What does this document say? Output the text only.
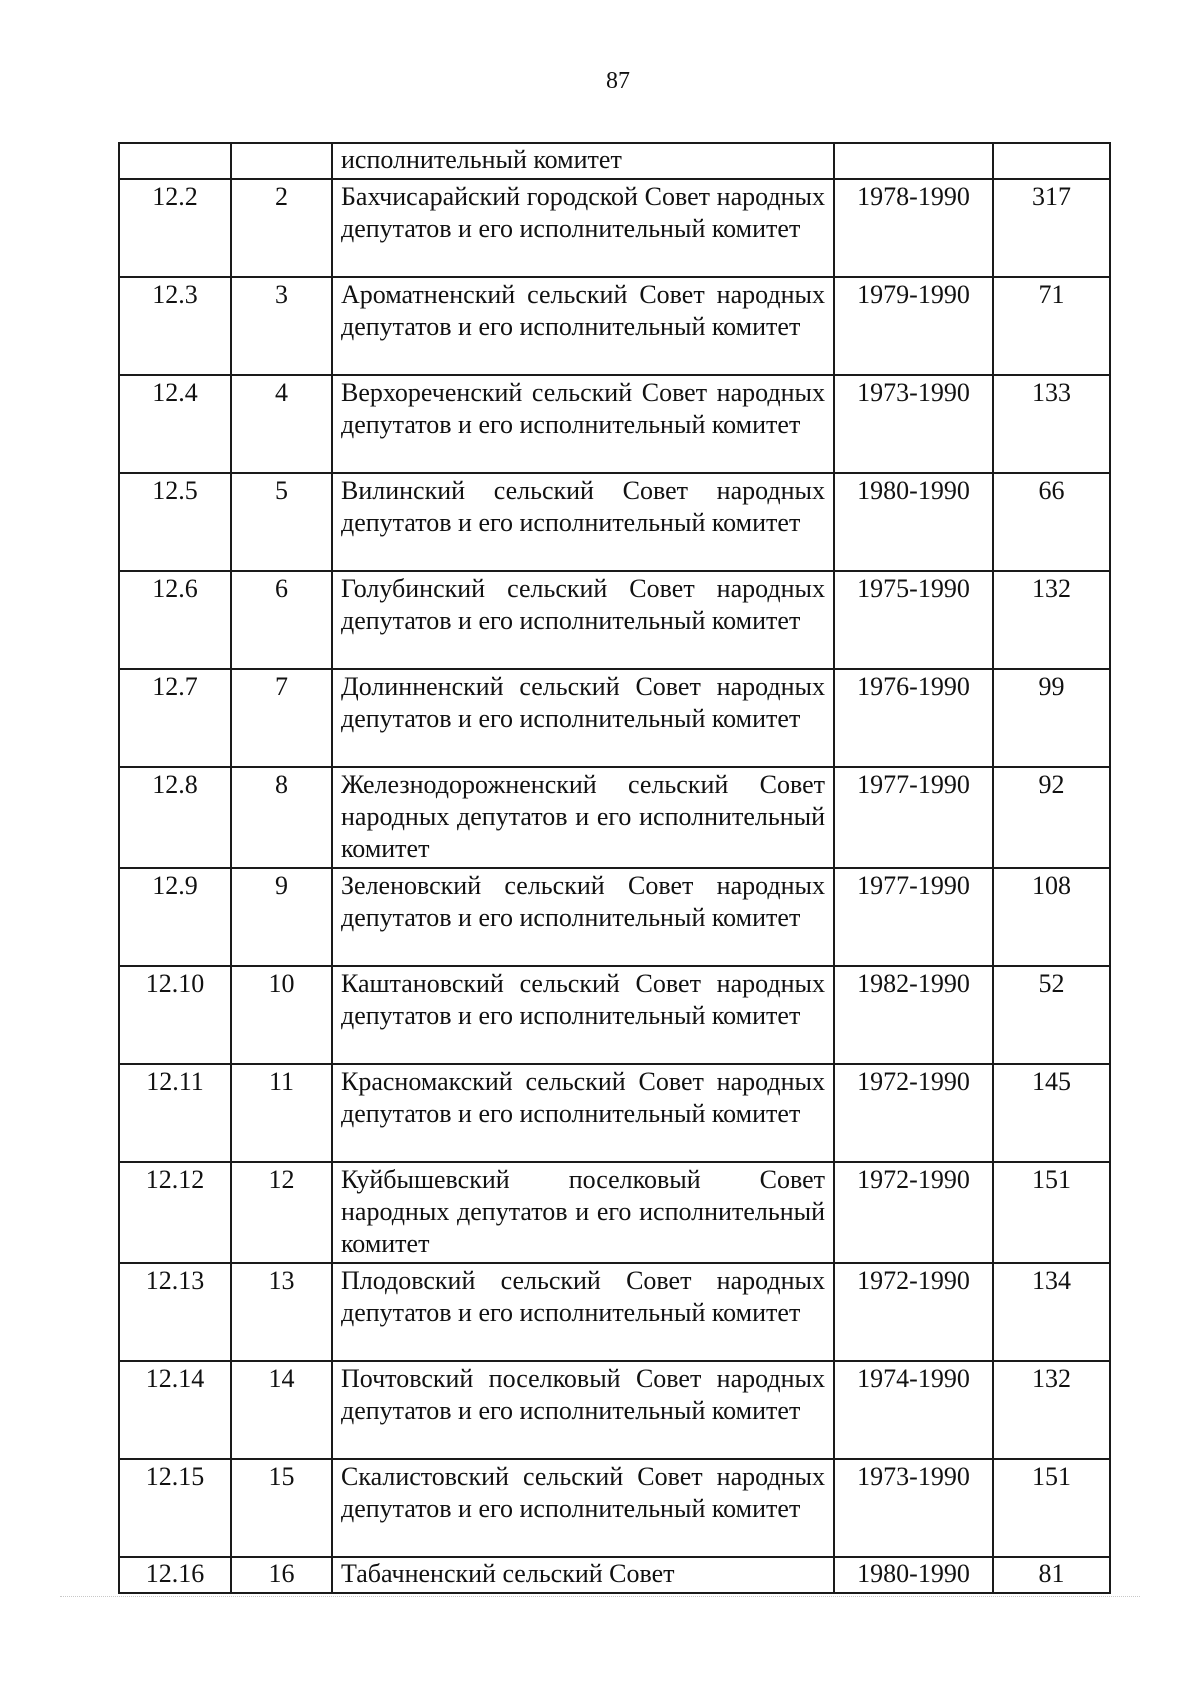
87
		исполнительный комитет		
12.2	2	Бахчисарайский городской Совет народных депутатов и его исполнительный комитет	1978-1990	317
12.3	3	Ароматненский сельский Совет народных депутатов и его исполнительный комитет	1979-1990	71
12.4	4	Верхореченский сельский Совет народных депутатов и его исполнительный комитет	1973-1990	133
12.5	5	Вилинский сельский Совет народных депутатов и его исполнительный комитет	1980-1990	66
12.6	6	Голубинский сельский Совет народных депутатов и его исполнительный комитет	1975-1990	132
12.7	7	Долинненский сельский Совет народных депутатов и его исполнительный комитет	1976-1990	99
12.8	8	Железнодорожненский сельский Совет народных депутатов и его исполнительный комитет	1977-1990	92
12.9	9	Зеленовский сельский Совет народных депутатов и его исполнительный комитет	1977-1990	108
12.10	10	Каштановский сельский Совет народных депутатов и его исполнительный комитет	1982-1990	52
12.11	11	Красномакский сельский Совет народных депутатов и его исполнительный комитет	1972-1990	145
12.12	12	Куйбышевский поселковый Совет народных депутатов и его исполнительный комитет	1972-1990	151
12.13	13	Плодовский сельский Совет народных депутатов и его исполнительный комитет	1972-1990	134
12.14	14	Почтовский поселковый Совет народных депутатов и его исполнительный комитет	1974-1990	132
12.15	15	Скалистовский сельский Совет народных депутатов и его исполнительный комитет	1973-1990	151
12.16	16	Табачненский сельский Совет	1980-1990	81
